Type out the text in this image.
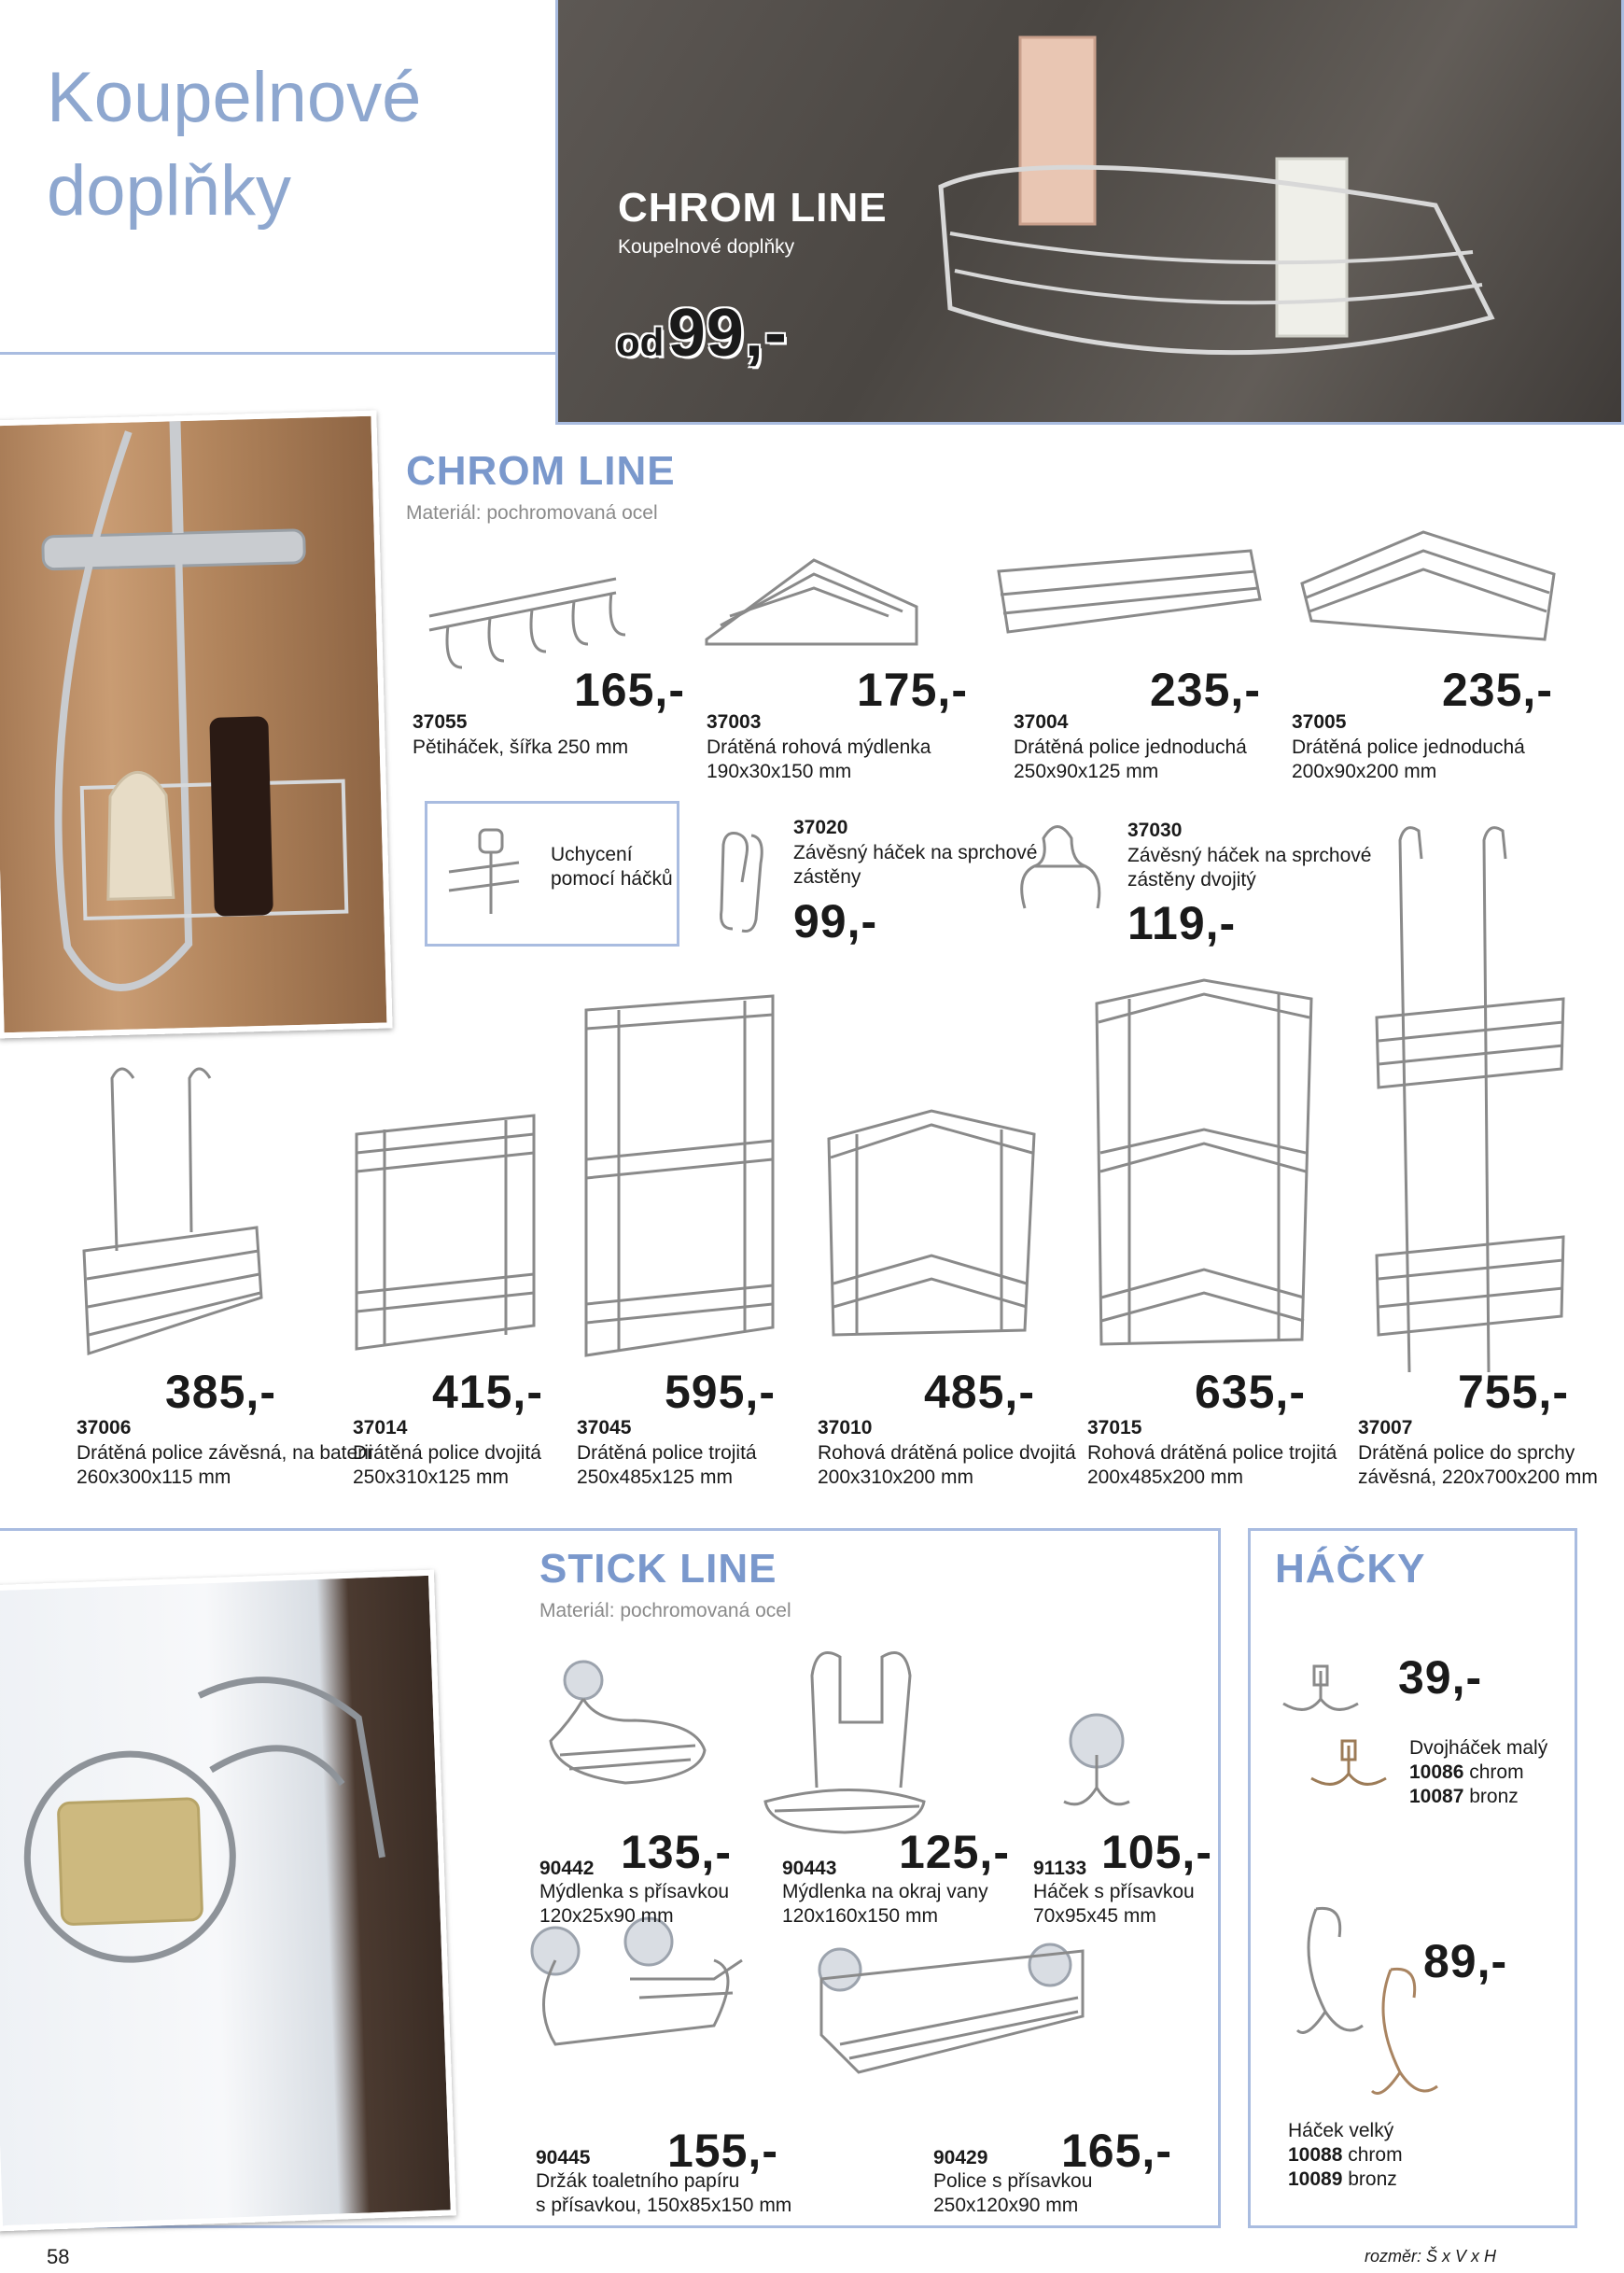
Koupelnové
doplňky	CHROM LINE
Koupelnové doplňky
od 99,-
CHROM LINE
Materiál: pochromovaná ocel
165,-	175,-	235,-	235,-
37055
Pětiháček, šířka 250 mm
37003
Drátěná rohová mýdlenka
190x30x150 mm
37004
Drátěná police jednoduchá
250x90x125 mm
37005
Drátěná police jednoduchá
200x90x200 mm
Uchycení
pomocí háčků
37020
Závěsný háček na sprchové
zástěny
99,-
37030
Závěsný háček na sprchové
zástěny dvojitý
119,-
385,-	415,-	595,-	485,-	635,-	755,-
37006
Drátěná police závěsná, na baterii
260x300x115 mm
37014
Drátěná police dvojitá
250x310x125 mm
37045
Drátěná police trojitá
250x485x125 mm
37010
Rohová drátěná police dvojitá
200x310x200 mm
37015
Rohová drátěná police trojitá
200x485x200 mm
37007
Drátěná police do sprchy
závěsná, 220x700x200 mm
STICK LINE
Materiál: pochromovaná ocel
135,-
90442
Mýdlenka s přísavkou
120x25x90 mm
125,-
90443
Mýdlenka na okraj vany
120x160x150 mm
105,-
91133
Háček s přísavkou
70x95x45 mm
155,-
90445
Držák toaletního papíru
s přísavkou, 150x85x150 mm
165,-
90429
Police s přísavkou
250x120x90 mm
HÁČKY
39,-
Dvojháček malý
10086 chrom
10087 bronz
89,-
Háček velký
10088 chrom
10089 bronz
58	rozměr: Š x V x H
